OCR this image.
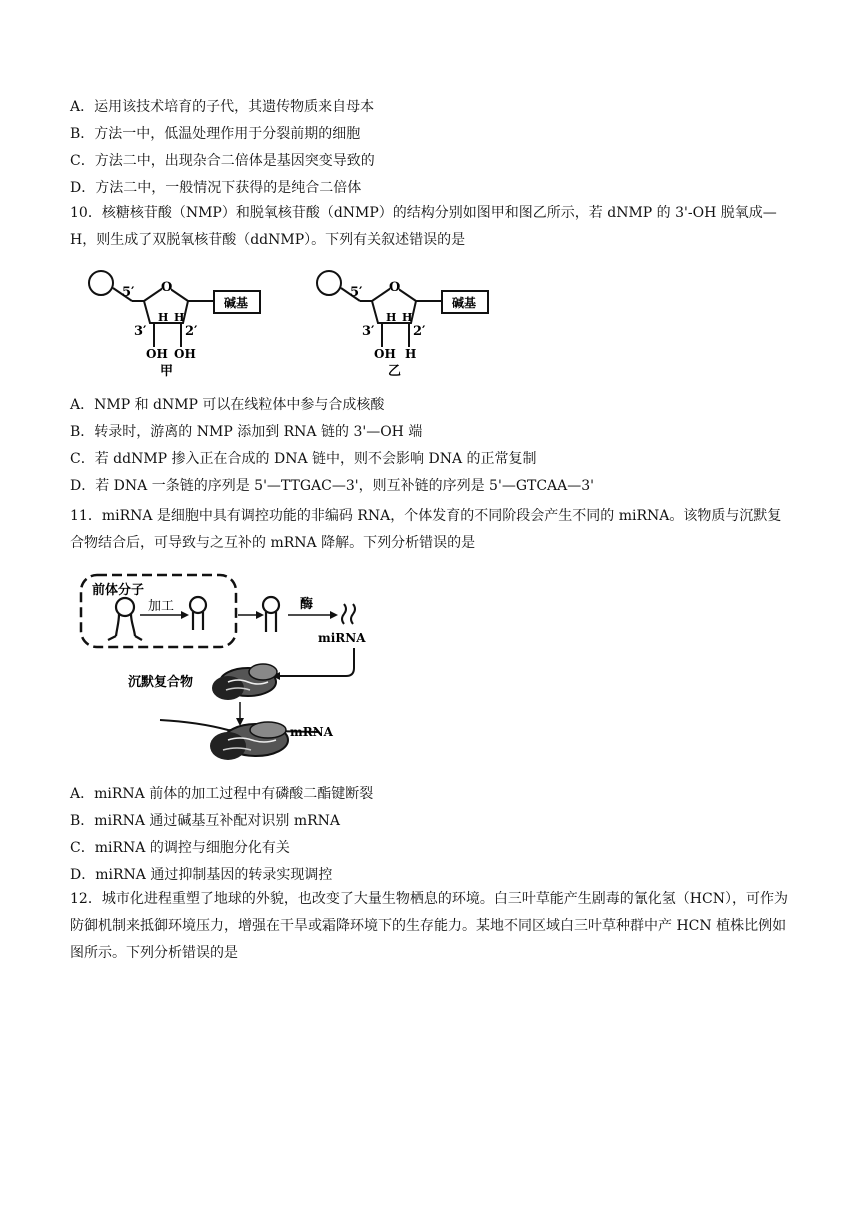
A．运用该技术培育的子代，其遗传物质来自母本
B．方法一中，低温处理作用于分裂前期的细胞
C．方法二中，出现杂合二倍体是基因突变导致的
D．方法二中，一般情况下获得的是纯合二倍体
10．核糖核苷酸（NMP）和脱氧核苷酸（dNMP）的结构分别如图甲和图乙所示，若 dNMP 的 3'-OH 脱氧成—H，则生成了双脱氧核苷酸（ddNMP）。下列有关叙述错误的是
5′ O
碱基
H H
3′	2′
OH OH
甲
5′ O
碱基
H H
3′	2′
OH H
乙
A．NMP 和 dNMP 可以在线粒体中参与合成核酸
B．转录时，游离的 NMP 添加到 RNA 链的 3'—OH 端
C．若 ddNMP 掺入正在合成的 DNA 链中，则不会影响 DNA 的正常复制
D．若 DNA 一条链的序列是 5'—TTGAC—3'，则互补链的序列是 5'—GTCAA—3'
11．miRNA 是细胞中具有调控功能的非编码 RNA，个体发育的不同阶段会产生不同的 miRNA。该物质与沉默复合物结合后，可导致与之互补的 mRNA 降解。下列分析错误的是
前体分子
加工	酶
miRNA
沉默复合物
mRNA
A．miRNA 前体的加工过程中有磷酸二酯键断裂
B．miRNA 通过碱基互补配对识别 mRNA
C．miRNA 的调控与细胞分化有关
D．miRNA 通过抑制基因的转录实现调控
12．城市化进程重塑了地球的外貌，也改变了大量生物栖息的环境。白三叶草能产生剧毒的氰化氢（HCN），可作为防御机制来抵御环境压力，增强在干旱或霜降环境下的生存能力。某地不同区域白三叶草种群中产 HCN 植株比例如图所示。下列分析错误的是
